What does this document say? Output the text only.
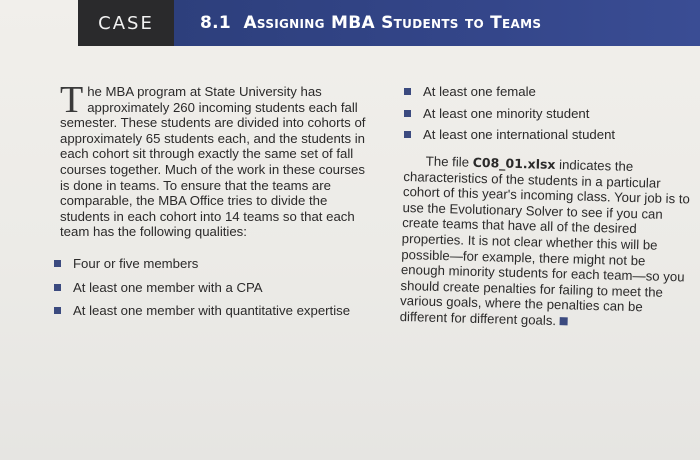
CASE	8.1
Assigning MBA Students to Teams

The MBA program at State University has approximately 260 incoming students each fall semester. These students are divided into cohorts of approximately 65 students each, and the students in each cohort sit through exactly the same set of fall courses together. Much of the work in these courses is done in teams. To ensure that the teams are comparable, the MBA Office tries to divide the students in each cohort into 14 teams so that each team has the following qualities:

Four or five members
At least one member with a CPA
At least one member with quantitative expertise
At least one female
At least one minority student
At least one international student

The file C08_01.xlsx indicates the characteristics of the students in a particular cohort of this year's incoming class. Your job is to use the Evolutionary Solver to see if you can create teams that have all of the desired properties. It is not clear whether this will be possible—for example, there might not be enough minority students for each team—so you should create penalties for failing to meet the various goals, where the penalties can be different for different goals.
